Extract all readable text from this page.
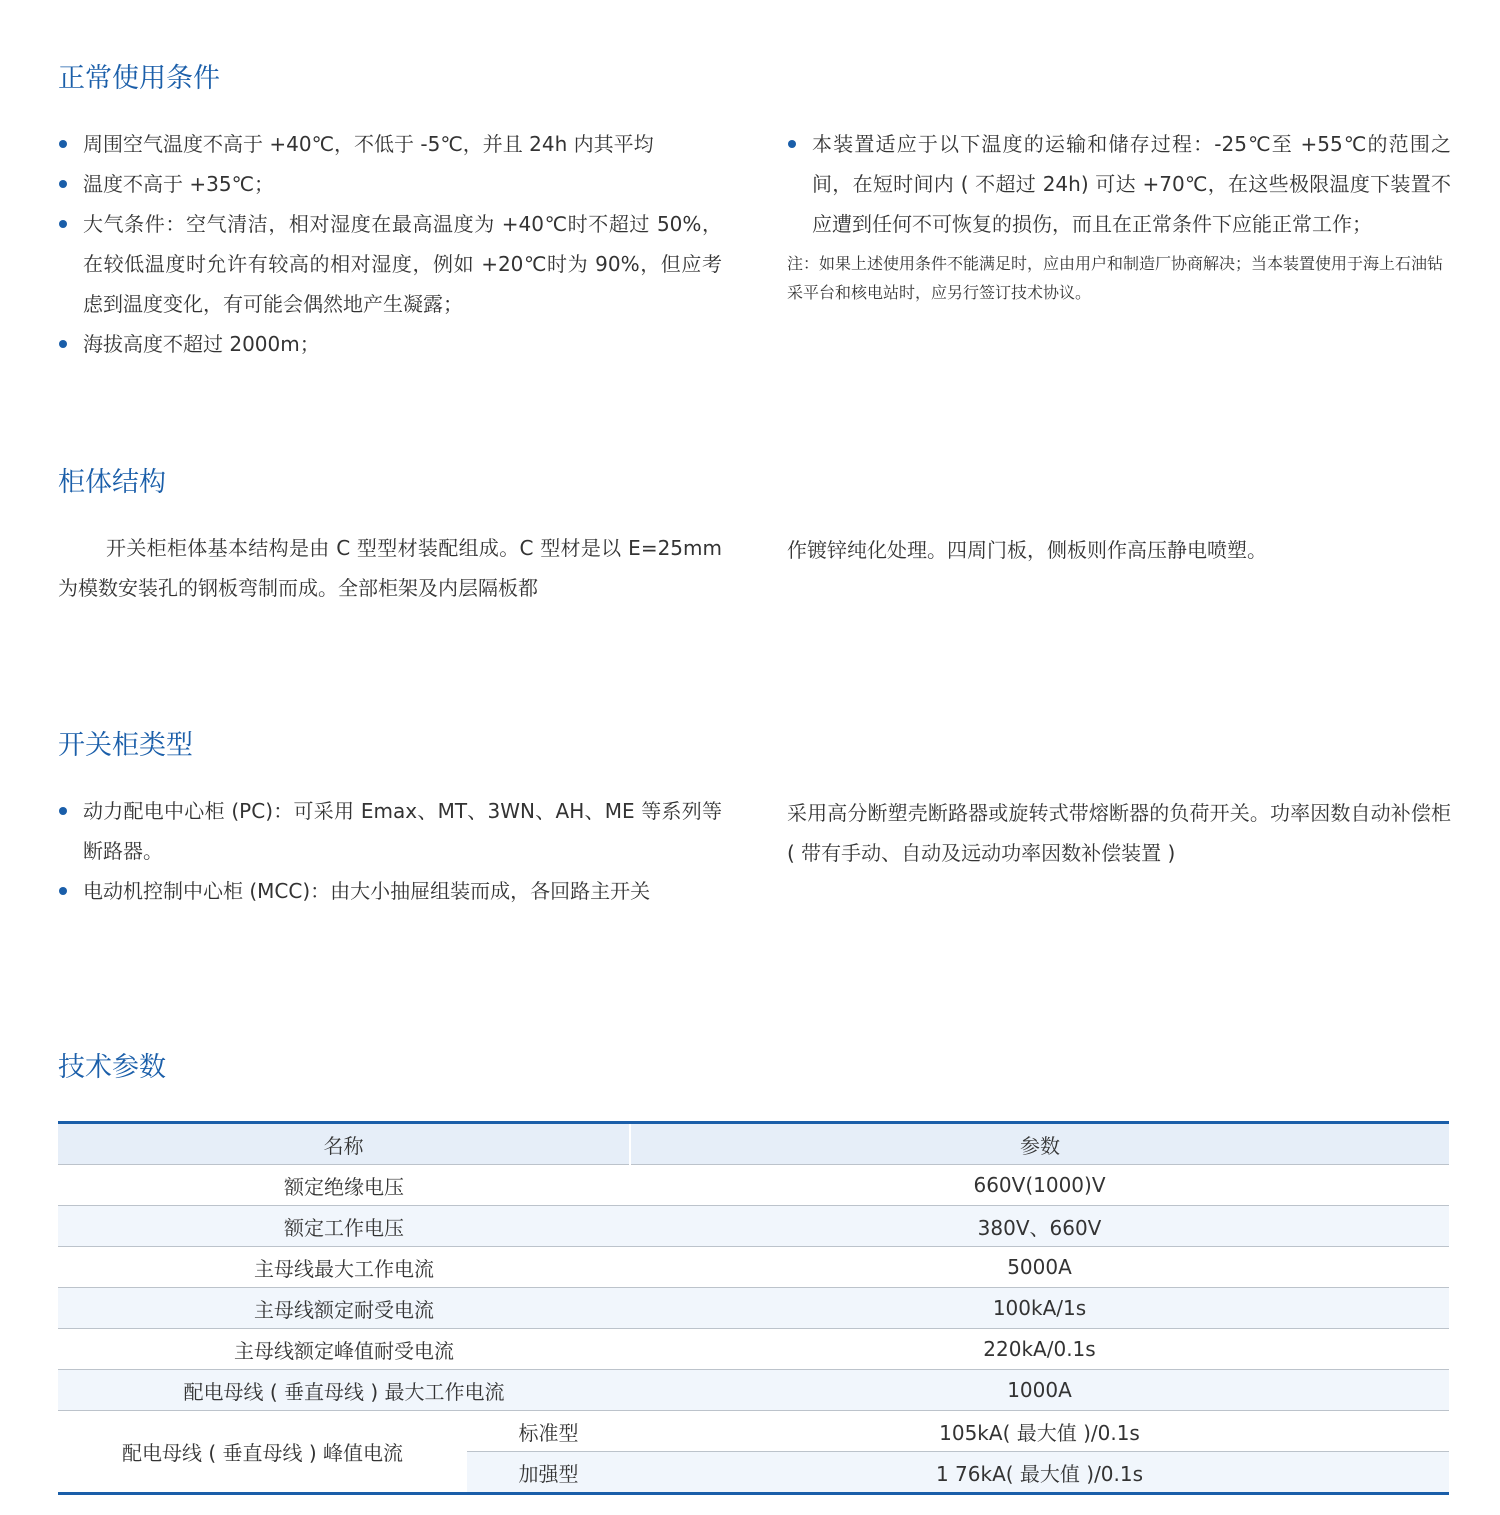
正常使用条件
周围空气温度不高于 +40℃，不低于 -5℃，并且 24h 内其平均
温度不高于 +35℃；
大气条件：空气清洁，相对湿度在最高温度为 +40℃时不超过 50%，在较低温度时允许有较高的相对湿度，例如 +20℃时为 90%，但应考虑到温度变化，有可能会偶然地产生凝露；
海拔高度不超过 2000m；
本装置适应于以下温度的运输和储存过程：-25℃至 +55℃的范围之间，在短时间内 ( 不超过 24h) 可达 +70℃，在这些极限温度下装置不应遭到任何不可恢复的损伤，而且在正常条件下应能正常工作；

注：如果上述使用条件不能满足时，应由用户和制造厂协商解决；当本装置使用于海上石油钻采平台和核电站时，应另行签订技术协议。

柜体结构

开关柜柜体基本结构是由 C 型型材装配组成。C 型材是以 E=25mm 为模数安装孔的钢板弯制而成。全部柜架及内层隔板都

作镀锌纯化处理。四周门板，侧板则作高压静电喷塑。

开关柜类型
动力配电中心柜 (PC)：可采用 Emax、MT、3WN、AH、ME 等系列等断路器。
电动机控制中心柜 (MCC)：由大小抽屉组装而成，各回路主开关

采用高分断塑壳断路器或旋转式带熔断器的负荷开关。功率因数自动补偿柜 ( 带有手动、自动及远动功率因数补偿装置 )

技术参数
名称		参数
额定绝缘电压		660V(1000)V
额定工作电压		380V、660V
主母线最大工作电流		5000A
主母线额定耐受电流		100kA/1s
主母线额定峰值耐受电流		220kA/0.1s
配电母线 ( 垂直母线 ) 最大工作电流		1000A
配电母线 ( 垂直母线 ) 峰值电流	标准型	105kA( 最大值 )/0.1s
	加强型	1 76kA( 最大值 )/0.1s
